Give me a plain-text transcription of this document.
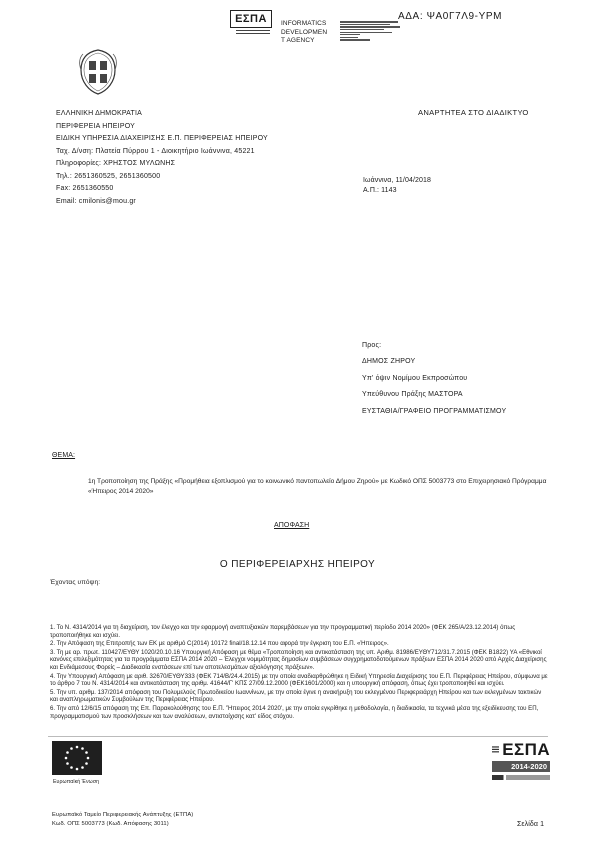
ΕΣΠΑ INFORMATICS
DEVELOPMEN
T AGENCY
ΑΔΑ: ΨΑ0Γ7Λ9-ΥΡΜ
ΑΝΑΡΤΗΤΕΑ ΣΤΟ ΔΙΑΔΙΚΤΥΟ
ΕΛΛΗΝΙΚΗ ΔΗΜΟΚΡΑΤΙΑ
ΠΕΡΙΦΕΡΕΙΑ ΗΠΕΙΡΟΥ
ΕΙΔΙΚΗ ΥΠΗΡΕΣΙΑ ΔΙΑΧΕΙΡΙΣΗΣ Ε.Π. ΠΕΡΙΦΕΡΕΙΑΣ ΗΠΕΙΡΟΥ
Ταχ. Δ/νση: Πλατεία Πύρρου 1 - Διοικητήριο Ιωάννινα, 45221
Πληροφορίες: ΧΡΗΣΤΟΣ ΜΥΛΩΝΗΣ
Τηλ.: 2651360525, 2651360500
Fax: 2651360550
Email: cmilonis@mou.gr
Ιωάννινα, 11/04/2018
Α.Π.: 1143
Προς:
ΔΗΜΟΣ ΖΗΡΟΥ
Υπ' όψιν Νομίμου Εκπροσώπου
Υπεύθυνου Πράξης ΜΑΣΤΟΡΑ
ΕΥΣΤΑΘΙΑ/ΓΡΑΦΕΙΟ ΠΡΟΓΡΑΜΜΑΤΙΣΜΟΥ
ΘΕΜΑ:
1η Τροποποίηση της Πράξης «Προμήθεια εξοπλισμού για το κοινωνικό παντοπωλείο Δήμου Ζηρού» με Κωδικό ΟΠΣ 5003773 στο Επιχειρησιακό Πρόγραμμα «Ήπειρος 2014 2020»
ΑΠΟΦΑΣΗ
Ο ΠΕΡΙΦΕΡΕΙΑΡΧΗΣ ΗΠΕΙΡΟΥ
Έχοντας υπόψη:

1. Το Ν. 4314/2014 για τη διαχείριση, τον έλεγχο και την εφαρμογή αναπτυξιακών παρεμβάσεων για την προγραμματική περίοδο 2014 2020» (ΦΕΚ 265/Α/23.12.2014) όπως τροποποιήθηκε και ισχύει.

2. Την Απόφαση της Επιτροπής των ΕΚ με αριθμό C(2014) 10172 final/18.12.14 που αφορά την έγκριση του Ε.Π. «Ήπειρος».

3. Τη με αρ. πρωτ. 110427/ΕΥΘΥ 1020/20.10.16 Υπουργική Απόφαση με θέμα «Τροποποίηση και αντικατάσταση της υπ. Αριθμ. 81986/ΕΥΘΥ712/31.7.2015 (ΦΕΚ Β1822) ΥΑ «Εθνικοί κανόνες επιλεξιμότητας για τα προγράμματα ΕΣΠΑ 2014 2020 – Έλεγχοι νομιμότητας δημοσίων συμβάσεων συγχρηματοδοτούμενων πράξεων ΕΣΠΑ 2014 2020 από Αρχές Διαχείρισης και Ενδιάμεσους Φορείς – Διαδικασία ενστάσεων επί των αποτελεσμάτων αξιολόγησης πράξεων».

4. Την Υπουργική Απόφαση με αριθ. 32670/ΕΥΘΥ333 (ΦΕΚ 714/Β/24.4.2015) με την οποία αναδιαρθρώθηκε η Ειδική Υπηρεσία Διαχείρισης του Ε.Π. Περιφέρειας Ηπείρου, σύμφωνα με το άρθρο 7 του Ν. 4314/2014 και αντικατάσταση της αριθμ. 41644/Γ' ΚΠΣ 27/09.12.2000 (ΦΕΚ1601/2000) και η υπουργική απόφαση, όπως έχει τροποποιηθεί και ισχύει.

5. Την υπ. αριθμ. 137/2014 απόφαση του Πολυμελούς Πρωτοδικείου Ιωαννίνων, με την οποία έγινε η ανακήρυξη του εκλεγμένου Περιφερειάρχη Ηπείρου και των εκλεγμένων τακτικών και αναπληρωματικών Συμβούλων της Περιφέρειας Ηπείρου.

6. Την από 12/6/15 απόφαση της Επ. Παρακολούθησης του Ε.Π. 'Ήπειρος 2014 2020', με την οποία εγκρίθηκε η μεθοδολογία, η διαδικασία, τα τεχνικά μέσα της εξειδίκευσης του ΕΠ, προγραμματισμού των προσκλήσεων και των αναλύσεων, αντιστοίχισης κατ' είδος στόχου.

Ευρωπαϊκή Ένωση
Ευρωπαϊκό Ταμείο Περιφερειακής Ανάπτυξης (ΕΤΠΑ)
Κωδ. ΟΠΣ 5003773 (Κωδ. Απόφασης 3011)
ΕΣΠΑ
2014-2020
Σελίδα 1
